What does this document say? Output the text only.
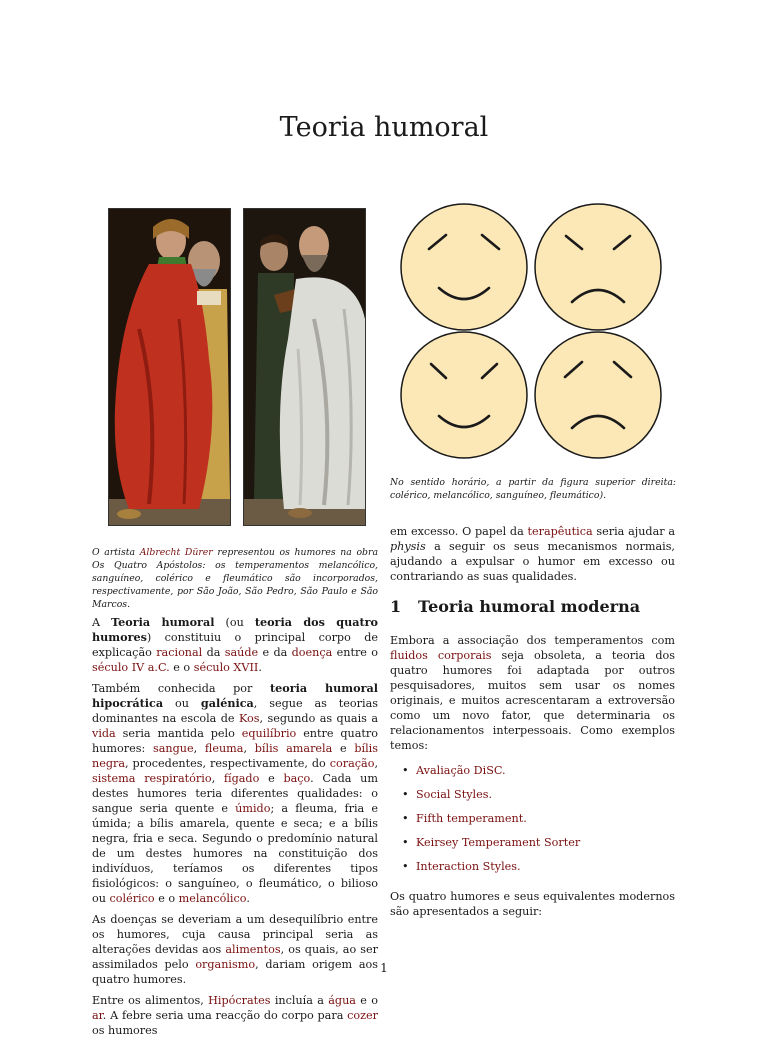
Teoria humoral
O artista Albrecht Dürer representou os humores na obra Os Quatro Apóstolos: os temperamentos melancólico, sanguíneo, colérico e fleumático são incorporados, respectivamente, por São João, São Pedro, São Paulo e São Marcos.
No sentido horário, a partir da figura superior direita: colérico, melancólico, sanguíneo, fleumático).

A Teoria humoral (ou teoria dos quatro humores) constituiu o principal corpo de explicação racional da saúde e da doença entre o século IV a.C. e o século XVII.

Também conhecida por teoria humoral hipocrática ou galénica, segue as teorias dominantes na escola de Kos, segundo as quais a vida seria mantida pelo equilíbrio entre quatro humores: sangue, fleuma, bílis amarela e bílis negra, procedentes, respectivamente, do coração, sistema respiratório, fígado e baço. Cada um destes humores teria diferentes qualidades: o sangue seria quente e úmido; a fleuma, fria e úmida; a bílis amarela, quente e seca; e a bílis negra, fria e seca. Segundo o predomínio natural de um destes humores na constituição dos indivíduos, teríamos os diferentes tipos fisiológicos: o sanguíneo, o fleumático, o bilioso ou colérico e o melancólico.

As doenças se deveriam a um desequilíbrio entre os humores, cuja causa principal seria as alterações devidas aos alimentos, os quais, ao ser assimilados pelo organismo, dariam origem aos quatro humores.

Entre os alimentos, Hipócrates incluía a água e o ar. A febre seria uma reacção do corpo para cozer os humores

em excesso. O papel da terapêutica seria ajudar a physis a seguir os seus mecanismos normais, ajudando a expulsar o humor em excesso ou contrariando as suas qualidades.

1 Teoria humoral moderna

Embora a associação dos temperamentos com fluidos corporais seja obsoleta, a teoria dos quatro humores foi adaptada por outros pesquisadores, muitos sem usar os nomes originais, e muitos acrescentaram a extroversão como um novo fator, que determinaria os relacionamentos interpessoais. Como exemplos temos:

• Avaliação DiSC.
• Social Styles.
• Fifth temperament.
• Keirsey Temperament Sorter
• Interaction Styles.

Os quatro humores e seus equivalentes modernos são apresentados a seguir:

1
